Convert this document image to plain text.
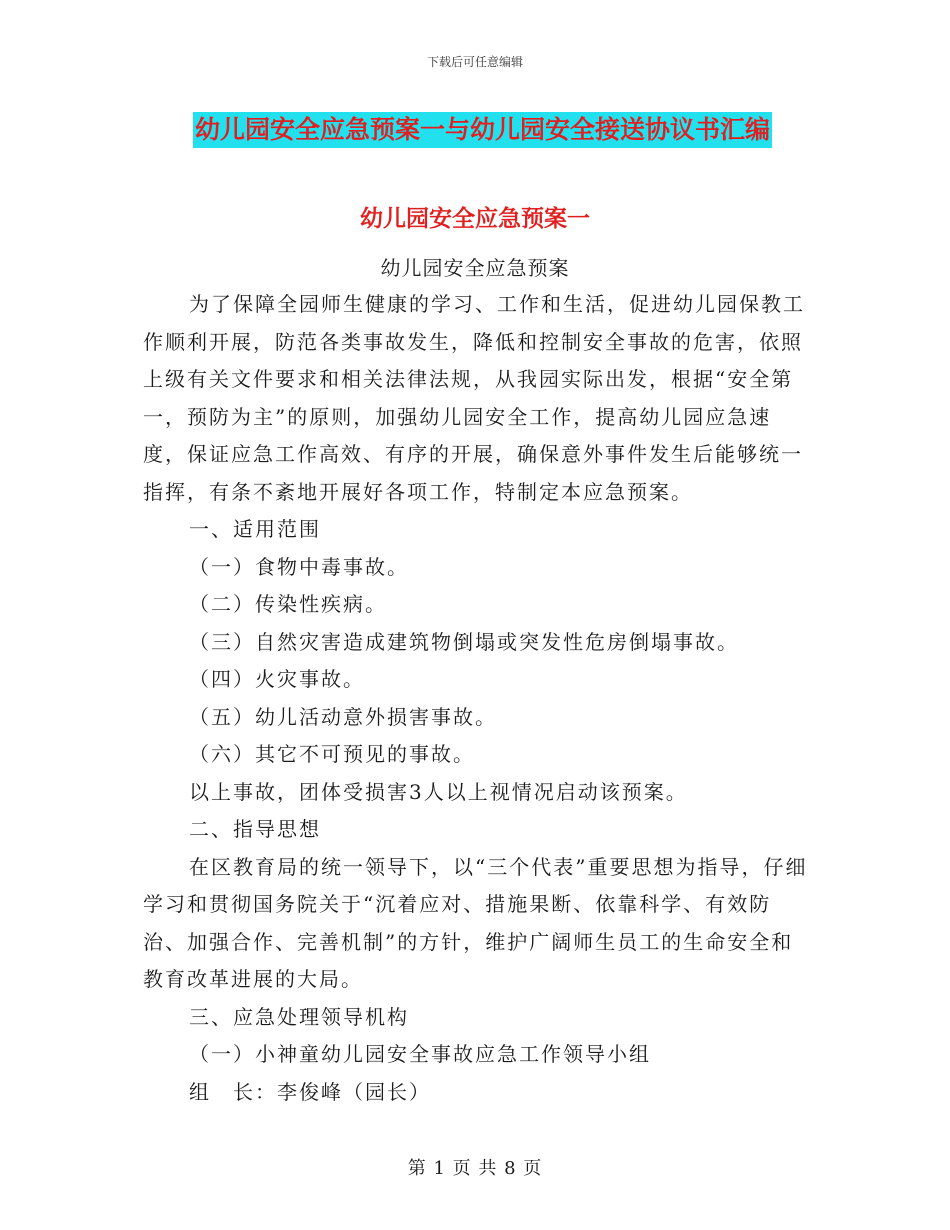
下载后可任意编辑
幼儿园安全应急预案一与幼儿园安全接送协议书汇编
幼儿园安全应急预案一
幼儿园安全应急预案

为了保障全园师生健康的学习、工作和生活，促进幼儿园保教工作顺利开展，防范各类事故发生，降低和控制安全事故的危害，依照上级有关文件要求和相关法律法规，从我园实际出发，根据“安全第一，预防为主”的原则，加强幼儿园安全工作，提高幼儿园应急速度，保证应急工作高效、有序的开展，确保意外事件发生后能够统一指挥，有条不紊地开展好各项工作，特制定本应急预案。

一、适用范围

（一）食物中毒事故。

（二）传染性疾病。

（三）自然灾害造成建筑物倒塌或突发性危房倒塌事故。

（四）火灾事故。

（五）幼儿活动意外损害事故。

（六）其它不可预见的事故。

以上事故，团体受损害3人以上视情况启动该预案。

二、指导思想

在区教育局的统一领导下，以“三个代表”重要思想为指导，仔细学习和贯彻国务院关于“沉着应对、措施果断、依靠科学、有效防治、加强合作、完善机制”的方针，维护广阔师生员工的生命安全和教育改革进展的大局。

三、应急处理领导机构

（一）小神童幼儿园安全事故应急工作领导小组

组　长：李俊峰（园长）

第 1 页 共 8 页
